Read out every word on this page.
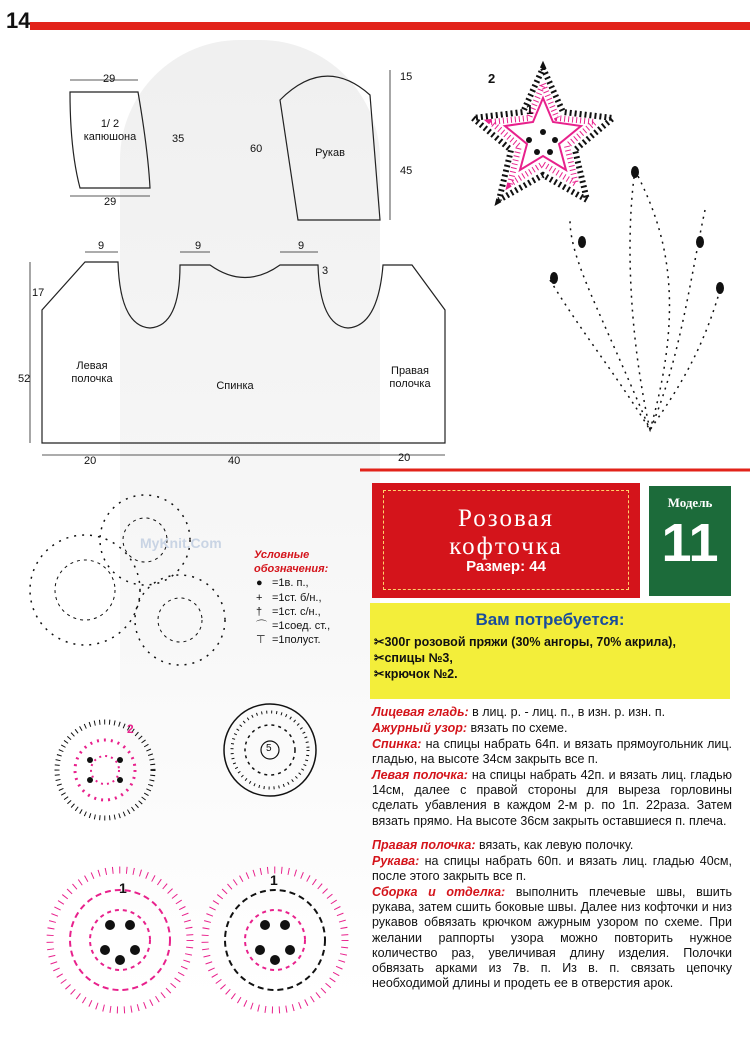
14
29
1/ 2
капюшона	35
29
60	Рукав
15
45
9	9	9
3
17
52
Левая
полочка
Спинка
Правая
полочка
20	40	20
2
1
MyKnit.Com
Условные
обозначения:
● =1в. п.,
+ =1ст. б/н.,
† =1ст. с/н.,
⌒ =1соед. ст.,
⊤ =1полуст.
2
5
1	1
Розовая
кофточка
Размер: 44
Модель
11
Вам потребуется:
✂300г розовой пряжи (30% ангоры, 70% акрила),
✂спицы №3,
✂крючок №2.
Лицевая гладь: в лиц. р. - лиц. п., в изн. р. изн. п.
Ажурный узор: вязать по схеме.
Спинка: на спицы набрать 64п. и вязать прямоугольник лиц. гладью, на высоте 34см закрыть все п.
Левая полочка: на спицы набрать 42п. и вязать лиц. гладью 14см, далее с правой стороны для выреза горловины сделать убавления в каждом 2-м р. по 1п. 22раза. Затем вязать прямо. На высоте 36см закрыть оставшиеся п. плеча.
Правая полочка: вязать, как левую полочку.
Рукава: на спицы набрать 60п. и вязать лиц. гладью 40см, после этого закрыть все п.
Сборка и отделка: выполнить плечевые швы, вшить рукава, затем сшить боковые швы. Далее низ кофточки и низ рукавов обвязать крючком ажурным узором по схеме. При желании раппорты узора можно повторить нужное количество раз, увеличивая длину изделия. Полочки обвязать арками из 7в. п. Из в. п. связать цепочку необходимой длины и продеть ее в отверстия арок.
